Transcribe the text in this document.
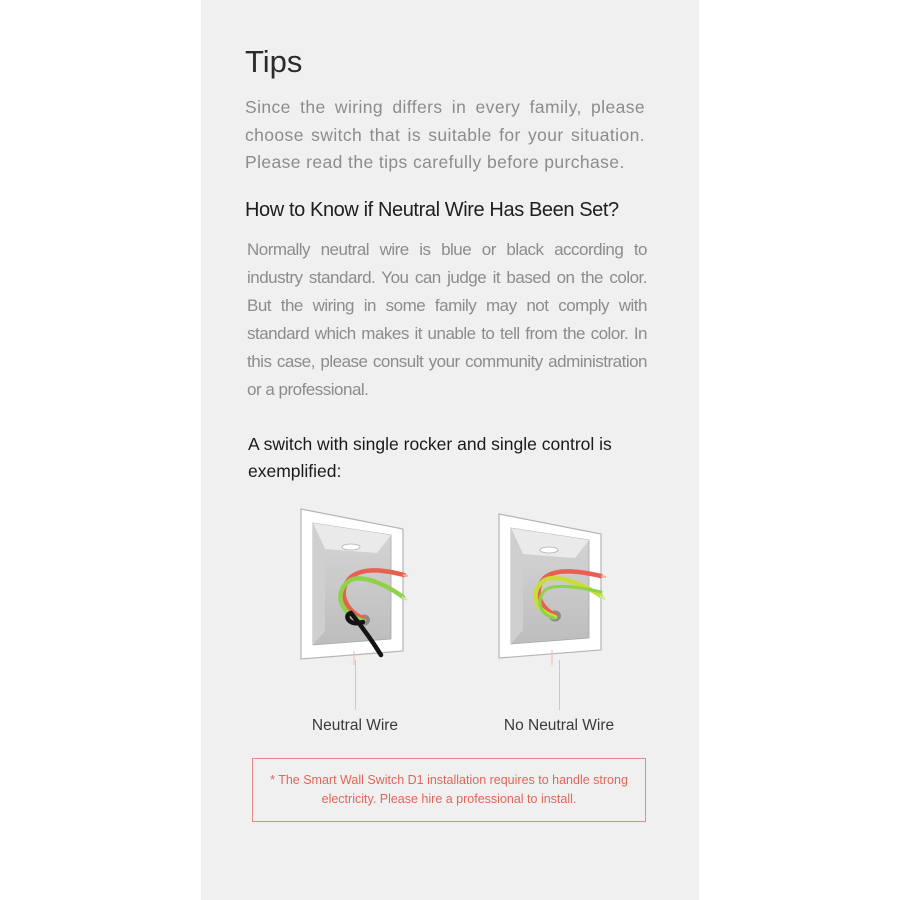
Tips

Since the wiring differs in every family, please choose switch that is suitable for your situation. Please read the tips carefully before purchase.

How to Know if Neutral Wire Has Been Set?

Normally neutral wire is blue or black according to industry standard. You can judge it based on the color. But the wiring in some family may not comply with standard which makes it unable to tell from the color. In this case, please consult your community administration or a professional.

A switch with single rocker and single control is exemplified:

Neutral Wire	No Neutral Wire

* The Smart Wall Switch D1 installation requires to handle strong electricity. Please hire a professional to install.
